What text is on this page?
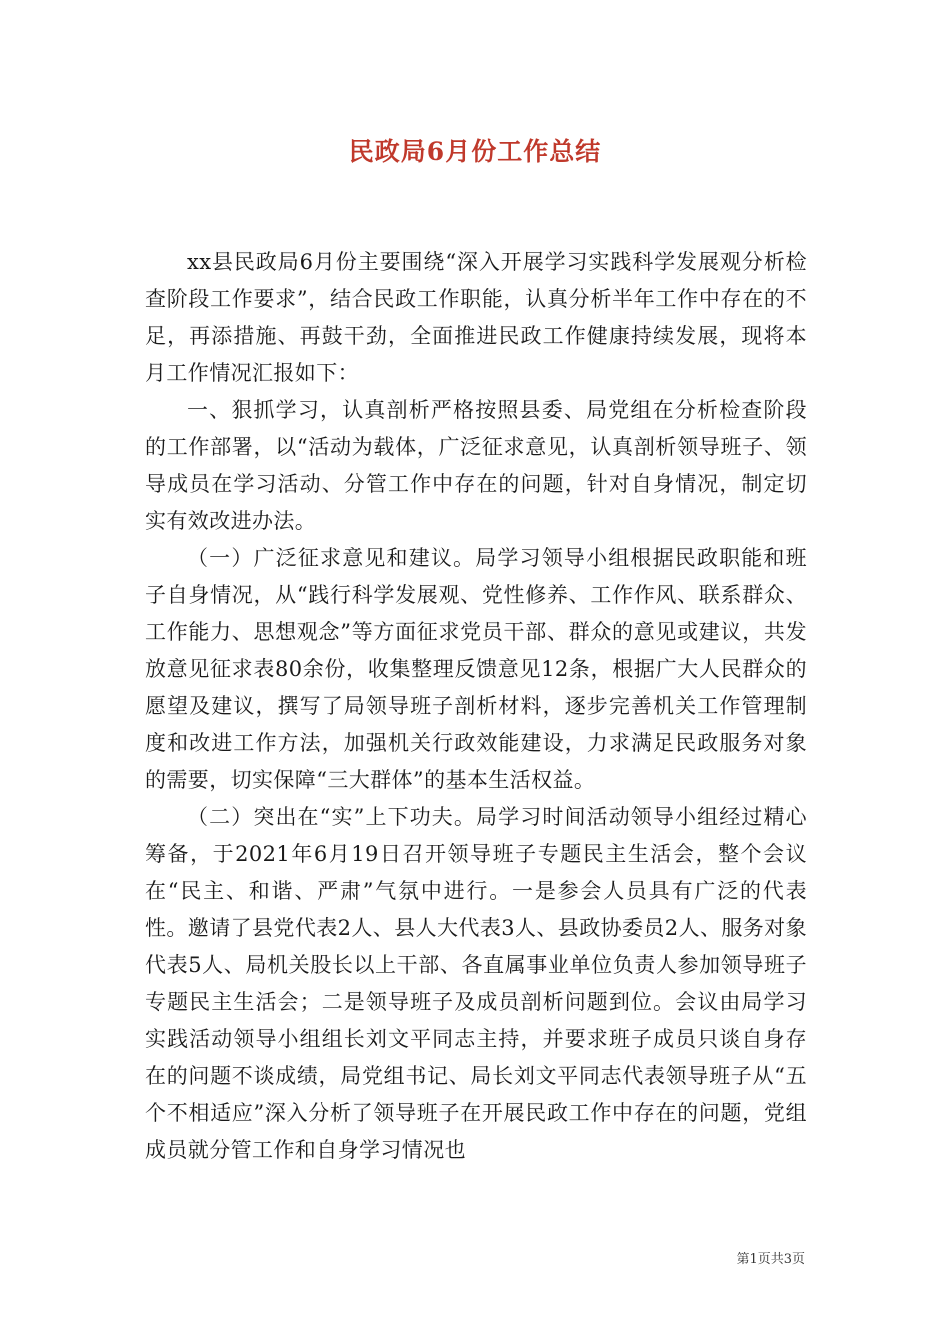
民政局6月份工作总结

xx县民政局6月份主要围绕“深入开展学习实践科学发展观分析检查阶段工作要求”，结合民政工作职能，认真分析半年工作中存在的不足，再添措施、再鼓干劲，全面推进民政工作健康持续发展，现将本月工作情况汇报如下：

一、狠抓学习，认真剖析严格按照县委、局党组在分析检查阶段的工作部署，以“活动为载体，广泛征求意见，认真剖析领导班子、领导成员在学习活动、分管工作中存在的问题，针对自身情况，制定切实有效改进办法。

（一）广泛征求意见和建议。局学习领导小组根据民政职能和班子自身情况，从“践行科学发展观、党性修养、工作作风、联系群众、工作能力、思想观念”等方面征求党员干部、群众的意见或建议，共发放意见征求表80余份，收集整理反馈意见12条，根据广大人民群众的愿望及建议，撰写了局领导班子剖析材料，逐步完善机关工作管理制度和改进工作方法，加强机关行政效能建设，力求满足民政服务对象的需要，切实保障“三大群体”的基本生活权益。

（二）突出在“实”上下功夫。局学习时间活动领导小组经过精心筹备，于2021年6月19日召开领导班子专题民主生活会，整个会议在“民主、和谐、严肃”气氛中进行。一是参会人员具有广泛的代表性。邀请了县党代表2人、县人大代表3人、县政协委员2人、服务对象代表5人、局机关股长以上干部、各直属事业单位负责人参加领导班子专题民主生活会；二是领导班子及成员剖析问题到位。会议由局学习实践活动领导小组组长刘文平同志主持，并要求班子成员只谈自身存在的问题不谈成绩，局党组书记、局长刘文平同志代表领导班子从“五个不相适应”深入分析了领导班子在开展民政工作中存在的问题，党组成员就分管工作和自身学习情况也

第1页共3页
